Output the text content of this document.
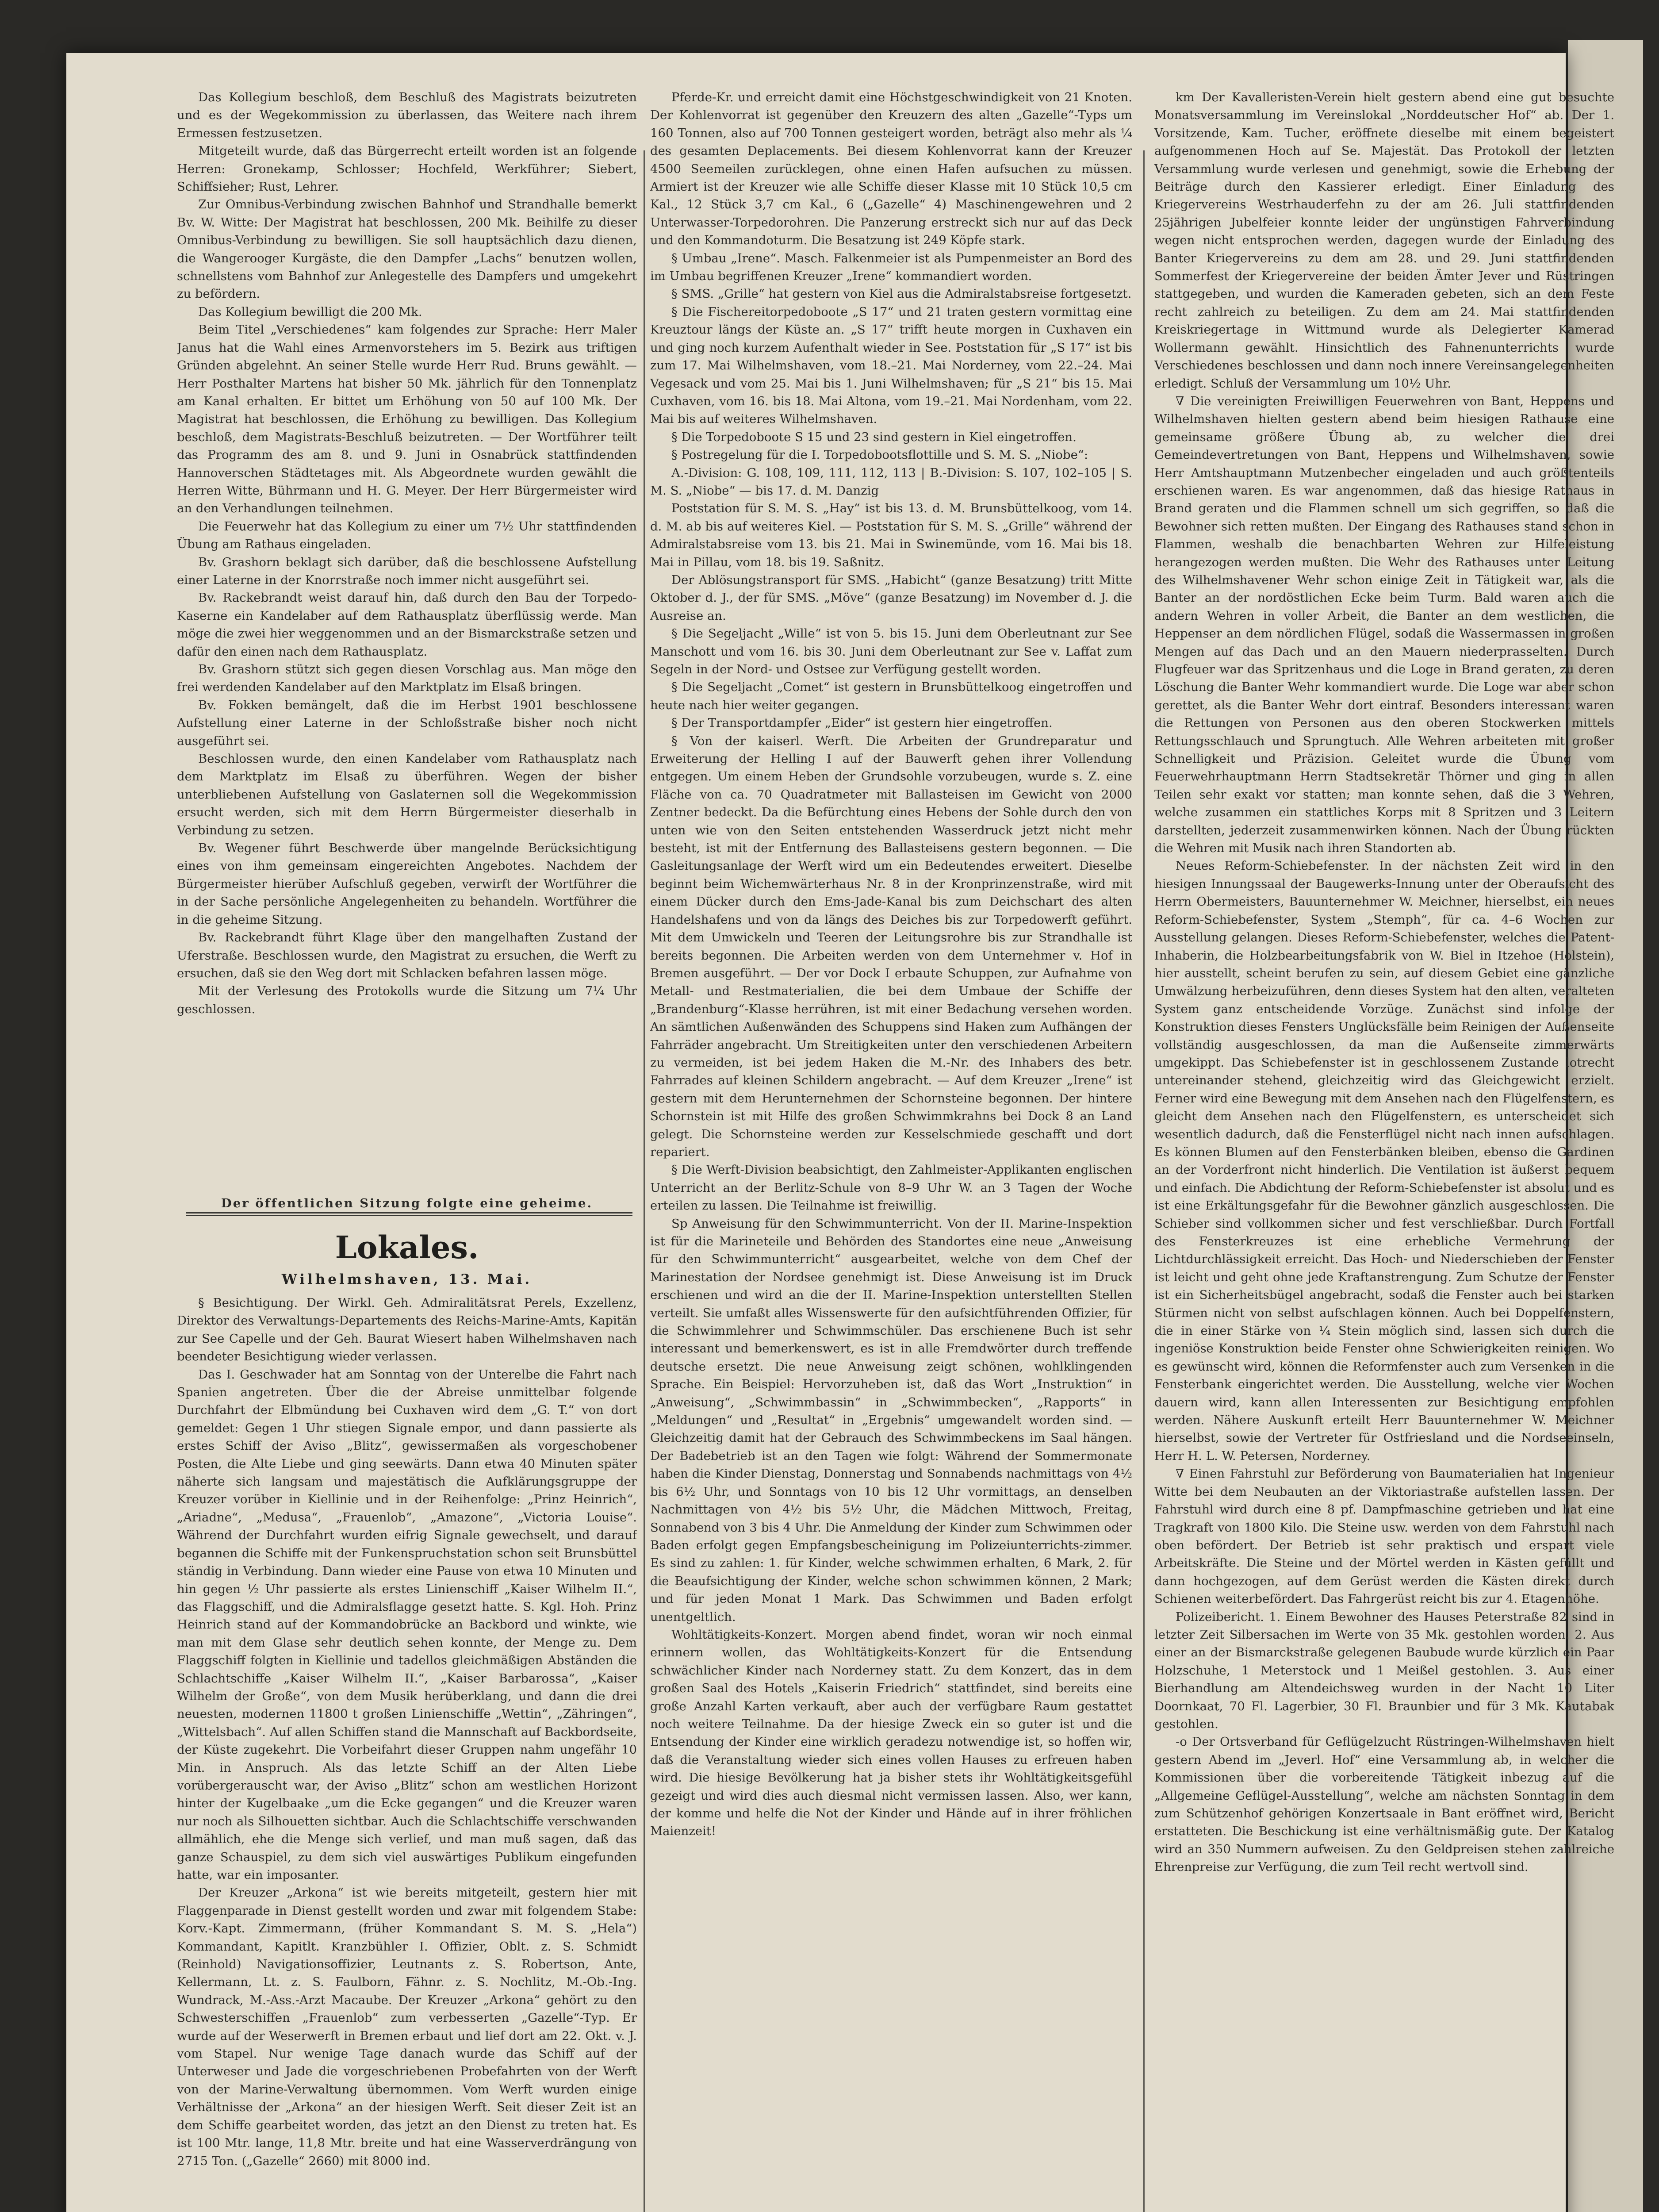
Das Kollegium beschloß, dem Beschluß des Magistrats beizutreten und es der Wegekommission zu überlassen, das Weitere nach ihrem Ermessen festzusetzen.

Mitgeteilt wurde, daß das Bürgerrecht erteilt worden ist an folgende Herren: Gronekamp, Schlosser; Hochfeld, Werkführer; Siebert, Schiffsieher; Rust, Lehrer.

Zur Omnibus-Verbindung zwischen Bahnhof und Strandhalle bemerkt Bv. W. Witte: Der Magistrat hat beschlossen, 200 Mk. Beihilfe zu dieser Omnibus-Verbindung zu bewilligen. Sie soll hauptsächlich dazu dienen, die Wangerooger Kurgäste, die den Dampfer „Lachs“ benutzen wollen, schnellstens vom Bahnhof zur Anlegestelle des Dampfers und umgekehrt zu befördern.

Das Kollegium bewilligt die 200 Mk.

Beim Titel „Verschiedenes“ kam folgendes zur Sprache: Herr Maler Janus hat die Wahl eines Armenvorstehers im 5. Bezirk aus triftigen Gründen abgelehnt. An seiner Stelle wurde Herr Rud. Bruns gewählt. — Herr Posthalter Martens hat bisher 50 Mk. jährlich für den Tonnenplatz am Kanal erhalten. Er bittet um Erhöhung von 50 auf 100 Mk. Der Magistrat hat beschlossen, die Erhöhung zu bewilligen. Das Kollegium beschloß, dem Magistrats-Beschluß beizutreten. — Der Wortführer teilt das Programm des am 8. und 9. Juni in Osnabrück stattfindenden Hannoverschen Städtetages mit. Als Abgeordnete wurden gewählt die Herren Witte, Bührmann und H. G. Meyer. Der Herr Bürgermeister wird an den Verhandlungen teilnehmen.

Die Feuerwehr hat das Kollegium zu einer um 7½ Uhr stattfindenden Übung am Rathaus eingeladen.

Bv. Grashorn beklagt sich darüber, daß die beschlossene Aufstellung einer Laterne in der Knorrstraße noch immer nicht ausgeführt sei.

Bv. Rackebrandt weist darauf hin, daß durch den Bau der Torpedo-Kaserne ein Kandelaber auf dem Rathausplatz überflüssig werde. Man möge die zwei hier weggenommen und an der Bismarckstraße setzen und dafür den einen nach dem Rathausplatz.

Bv. Grashorn stützt sich gegen diesen Vorschlag aus. Man möge den frei werdenden Kandelaber auf den Marktplatz im Elsaß bringen.

Bv. Fokken bemängelt, daß die im Herbst 1901 beschlossene Aufstellung einer Laterne in der Schloßstraße bisher noch nicht ausgeführt sei.

Beschlossen wurde, den einen Kandelaber vom Rathausplatz nach dem Marktplatz im Elsaß zu überführen. Wegen der bisher unterbliebenen Aufstellung von Gaslaternen soll die Wegekommission ersucht werden, sich mit dem Herrn Bürgermeister dieserhalb in Verbindung zu setzen.

Bv. Wegener führt Beschwerde über mangelnde Berücksichtigung eines von ihm gemeinsam eingereichten Angebotes. Nachdem der Bürgermeister hierüber Aufschluß gegeben, verwirft der Wortführer die in der Sache persönliche Angelegenheiten zu behandeln. Wortführer die in die geheime Sitzung.

Bv. Rackebrandt führt Klage über den mangelhaften Zustand der Uferstraße. Beschlossen wurde, den Magistrat zu ersuchen, die Werft zu ersuchen, daß sie den Weg dort mit Schlacken befahren lassen möge.

Mit der Verlesung des Protokolls wurde die Sitzung um 7¼ Uhr geschlossen.

Der öffentlichen Sitzung folgte eine geheime.
Lokales.
Wilhelmshaven, 13. Mai.

§ Besichtigung. Der Wirkl. Geh. Admiralitätsrat Perels, Exzellenz, Direktor des Verwaltungs-Departements des Reichs-Marine-Amts, Kapitän zur See Capelle und der Geh. Baurat Wiesert haben Wilhelmshaven nach beendeter Besichtigung wieder verlassen.

Das I. Geschwader hat am Sonntag von der Unterelbe die Fahrt nach Spanien angetreten. Über die der Abreise unmittelbar folgende Durchfahrt der Elbmündung bei Cuxhaven wird dem „G. T.“ von dort gemeldet: Gegen 1 Uhr stiegen Signale empor, und dann passierte als erstes Schiff der Aviso „Blitz“, gewissermaßen als vorgeschobener Posten, die Alte Liebe und ging seewärts. Dann etwa 40 Minuten später näherte sich langsam und majestätisch die Aufklärungsgruppe der Kreuzer vorüber in Kiellinie und in der Reihenfolge: „Prinz Heinrich“, „Ariadne“, „Medusa“, „Frauenlob“, „Amazone“, „Victoria Louise“. Während der Durchfahrt wurden eifrig Signale gewechselt, und darauf begannen die Schiffe mit der Funkenspruchstation schon seit Brunsbüttel ständig in Verbindung. Dann wieder eine Pause von etwa 10 Minuten und hin gegen ½ Uhr passierte als erstes Linienschiff „Kaiser Wilhelm II.“, das Flaggschiff, und die Admiralsflagge gesetzt hatte. S. Kgl. Hoh. Prinz Heinrich stand auf der Kommandobrücke an Backbord und winkte, wie man mit dem Glase sehr deutlich sehen konnte, der Menge zu. Dem Flaggschiff folgten in Kiellinie und tadellos gleichmäßigen Abständen die Schlachtschiffe „Kaiser Wilhelm II.“, „Kaiser Barbarossa“, „Kaiser Wilhelm der Große“, von dem Musik herüberklang, und dann die drei neuesten, modernen 11800 t großen Linienschiffe „Wettin“, „Zähringen“, „Wittelsbach“. Auf allen Schiffen stand die Mannschaft auf Backbordseite, der Küste zugekehrt. Die Vorbeifahrt dieser Gruppen nahm ungefähr 10 Min. in Anspruch. Als das letzte Schiff an der Alten Liebe vorübergerauscht war, der Aviso „Blitz“ schon am westlichen Horizont hinter der Kugelbaake „um die Ecke gegangen“ und die Kreuzer waren nur noch als Silhouetten sichtbar. Auch die Schlachtschiffe verschwanden allmählich, ehe die Menge sich verlief, und man muß sagen, daß das ganze Schauspiel, zu dem sich viel auswärtiges Publikum eingefunden hatte, war ein imposanter.

Der Kreuzer „Arkona“ ist wie bereits mitgeteilt, gestern hier mit Flaggenparade in Dienst gestellt worden und zwar mit folgendem Stabe: Korv.-Kapt. Zimmermann, (früher Kommandant S. M. S. „Hela“) Kommandant, Kapitlt. Kranzbühler I. Offizier, Oblt. z. S. Schmidt (Reinhold) Navigationsoffizier, Leutnants z. S. Robertson, Ante, Kellermann, Lt. z. S. Faulborn, Fähnr. z. S. Nochlitz, M.-Ob.-Ing. Wundrack, M.-Ass.-Arzt Macaube. Der Kreuzer „Arkona“ gehört zu den Schwesterschiffen „Frauenlob“ zum verbesserten „Gazelle“-Typ. Er wurde auf der Weserwerft in Bremen erbaut und lief dort am 22. Okt. v. J. vom Stapel. Nur wenige Tage danach wurde das Schiff auf der Unterweser und Jade die vorgeschriebenen Probefahrten von der Werft von der Marine-Verwaltung übernommen. Vom Werft wurden einige Verhältnisse der „Arkona“ an der hiesigen Werft. Seit dieser Zeit ist an dem Schiffe gearbeitet worden, das jetzt an den Dienst zu treten hat. Es ist 100 Mtr. lange, 11,8 Mtr. breite und hat eine Wasserverdrängung von 2715 Ton. („Gazelle“ 2660) mit 8000 ind.

Pferde-Kr. und erreicht damit eine Höchstgeschwindigkeit von 21 Knoten. Der Kohlenvorrat ist gegenüber den Kreuzern des alten „Gazelle“-Typs um 160 Tonnen, also auf 700 Tonnen gesteigert worden, beträgt also mehr als ¼ des gesamten Deplacements. Bei diesem Kohlenvorrat kann der Kreuzer 4500 Seemeilen zurücklegen, ohne einen Hafen aufsuchen zu müssen. Armiert ist der Kreuzer wie alle Schiffe dieser Klasse mit 10 Stück 10,5 cm Kal., 12 Stück 3,7 cm Kal., 6 („Gazelle“ 4) Maschinengewehren und 2 Unterwasser-Torpedorohren. Die Panzerung erstreckt sich nur auf das Deck und den Kommandoturm. Die Besatzung ist 249 Köpfe stark.

§ Umbau „Irene“. Masch. Falkenmeier ist als Pumpenmeister an Bord des im Umbau begriffenen Kreuzer „Irene“ kommandiert worden.

§ SMS. „Grille“ hat gestern von Kiel aus die Admiralstabsreise fortgesetzt.

§ Die Fischereitorpedoboote „S 17“ und 21 traten gestern vormittag eine Kreuztour längs der Küste an. „S 17“ trifft heute morgen in Cuxhaven ein und ging noch kurzem Aufenthalt wieder in See. Poststation für „S 17“ ist bis zum 17. Mai Wilhelmshaven, vom 18.–21. Mai Norderney, vom 22.–24. Mai Vegesack und vom 25. Mai bis 1. Juni Wilhelmshaven; für „S 21“ bis 15. Mai Cuxhaven, vom 16. bis 18. Mai Altona, vom 19.–21. Mai Nordenham, vom 22. Mai bis auf weiteres Wilhelmshaven.

§ Die Torpedoboote S 15 und 23 sind gestern in Kiel eingetroffen.

§ Postregelung für die I. Torpedobootsflottille und S. M. S. „Niobe“:

A.-Division: G. 108, 109, 111, 112, 113 | B.-Division: S. 107, 102–105 | S. M. S. „Niobe“ — bis 17. d. M. Danzig

Poststation für S. M. S. „Hay“ ist bis 13. d. M. Brunsbüttelkoog, vom 14. d. M. ab bis auf weiteres Kiel. — Poststation für S. M. S. „Grille“ während der Admiralstabsreise vom 13. bis 21. Mai in Swinemünde, vom 16. Mai bis 18. Mai in Pillau, vom 18. bis 19. Saßnitz.

Der Ablösungstransport für SMS. „Habicht“ (ganze Besatzung) tritt Mitte Oktober d. J., der für SMS. „Möve“ (ganze Besatzung) im November d. J. die Ausreise an.

§ Die Segeljacht „Wille“ ist von 5. bis 15. Juni dem Oberleutnant zur See Manschott und vom 16. bis 30. Juni dem Oberleutnant zur See v. Laffat zum Segeln in der Nord- und Ostsee zur Verfügung gestellt worden.

§ Die Segeljacht „Comet“ ist gestern in Brunsbüttelkoog eingetroffen und heute nach hier weiter gegangen.

§ Der Transportdampfer „Eider“ ist gestern hier eingetroffen.

§ Von der kaiserl. Werft. Die Arbeiten der Grundreparatur und Erweiterung der Helling I auf der Bauwerft gehen ihrer Vollendung entgegen. Um einem Heben der Grundsohle vorzubeugen, wurde s. Z. eine Fläche von ca. 70 Quadratmeter mit Ballasteisen im Gewicht von 2000 Zentner bedeckt. Da die Befürchtung eines Hebens der Sohle durch den von unten wie von den Seiten entstehenden Wasserdruck jetzt nicht mehr besteht, ist mit der Entfernung des Ballasteisens gestern begonnen. — Die Gasleitungsanlage der Werft wird um ein Bedeutendes erweitert. Dieselbe beginnt beim Wichemwärterhaus Nr. 8 in der Kronprinzenstraße, wird mit einem Dücker durch den Ems-Jade-Kanal bis zum Deichschart des alten Handelshafens und von da längs des Deiches bis zur Torpedowerft geführt. Mit dem Umwickeln und Teeren der Leitungsrohre bis zur Strandhalle ist bereits begonnen. Die Arbeiten werden von dem Unternehmer v. Hof in Bremen ausgeführt. — Der vor Dock I erbaute Schuppen, zur Aufnahme von Metall- und Restmaterialien, die bei dem Umbaue der Schiffe der „Brandenburg“-Klasse herrühren, ist mit einer Bedachung versehen worden. An sämtlichen Außenwänden des Schuppens sind Haken zum Aufhängen der Fahrräder angebracht. Um Streitigkeiten unter den verschiedenen Arbeitern zu vermeiden, ist bei jedem Haken die M.-Nr. des Inhabers des betr. Fahrrades auf kleinen Schildern angebracht. — Auf dem Kreuzer „Irene“ ist gestern mit dem Herunternehmen der Schornsteine begonnen. Der hintere Schornstein ist mit Hilfe des großen Schwimmkrahns bei Dock 8 an Land gelegt. Die Schornsteine werden zur Kesselschmiede geschafft und dort repariert.

§ Die Werft-Division beabsichtigt, den Zahlmeister-Applikanten englischen Unterricht an der Berlitz-Schule von 8–9 Uhr W. an 3 Tagen der Woche erteilen zu lassen. Die Teilnahme ist freiwillig.

Sp Anweisung für den Schwimmunterricht. Von der II. Marine-Inspektion ist für die Marineteile und Behörden des Standortes eine neue „Anweisung für den Schwimmunterricht“ ausgearbeitet, welche von dem Chef der Marinestation der Nordsee genehmigt ist. Diese Anweisung ist im Druck erschienen und wird an die der II. Marine-Inspektion unterstellten Stellen verteilt. Sie umfaßt alles Wissenswerte für den aufsichtführenden Offizier, für die Schwimmlehrer und Schwimmschüler. Das erschienene Buch ist sehr interessant und bemerkenswert, es ist in alle Fremdwörter durch treffende deutsche ersetzt. Die neue Anweisung zeigt schönen, wohlklingenden Sprache. Ein Beispiel: Hervorzuheben ist, daß das Wort „Instruktion“ in „Anweisung“, „Schwimmbassin“ in „Schwimmbecken“, „Rapports“ in „Meldungen“ und „Resultat“ in „Ergebnis“ umgewandelt worden sind. — Gleichzeitig damit hat der Gebrauch des Schwimmbeckens im Saal hängen. Der Badebetrieb ist an den Tagen wie folgt: Während der Sommermonate haben die Kinder Dienstag, Donnerstag und Sonnabends nachmittags von 4½ bis 6½ Uhr, und Sonntags von 10 bis 12 Uhr vormittags, an denselben Nachmittagen von 4½ bis 5½ Uhr, die Mädchen Mittwoch, Freitag, Sonnabend von 3 bis 4 Uhr. Die Anmeldung der Kinder zum Schwimmen oder Baden erfolgt gegen Empfangsbescheinigung im Polizeiunterrichts-zimmer. Es sind zu zahlen: 1. für Kinder, welche schwimmen erhalten, 6 Mark, 2. für die Beaufsichtigung der Kinder, welche schon schwimmen können, 2 Mark; und für jeden Monat 1 Mark. Das Schwimmen und Baden erfolgt unentgeltlich.

Wohltätigkeits-Konzert. Morgen abend findet, woran wir noch einmal erinnern wollen, das Wohltätigkeits-Konzert für die Entsendung schwächlicher Kinder nach Norderney statt. Zu dem Konzert, das in dem großen Saal des Hotels „Kaiserin Friedrich“ stattfindet, sind bereits eine große Anzahl Karten verkauft, aber auch der verfügbare Raum gestattet noch weitere Teilnahme. Da der hiesige Zweck ein so guter ist und die Entsendung der Kinder eine wirklich geradezu notwendige ist, so hoffen wir, daß die Veranstaltung wieder sich eines vollen Hauses zu erfreuen haben wird. Die hiesige Bevölkerung hat ja bisher stets ihr Wohltätigkeitsgefühl gezeigt und wird dies auch diesmal nicht vermissen lassen. Also, wer kann, der komme und helfe die Not der Kinder und Hände auf in ihrer fröhlichen Maienzeit!

km Der Kavalleristen-Verein hielt gestern abend eine gut besuchte Monatsversammlung im Vereinslokal „Norddeutscher Hof“ ab. Der 1. Vorsitzende, Kam. Tucher, eröffnete dieselbe mit einem begeistert aufgenommenen Hoch auf Se. Majestät. Das Protokoll der letzten Versammlung wurde verlesen und genehmigt, sowie die Erhebung der Beiträge durch den Kassierer erledigt. Einer Einladung des Kriegervereins Westrhauderfehn zu der am 26. Juli stattfindenden 25jährigen Jubelfeier konnte leider der ungünstigen Fahrverbindung wegen nicht entsprochen werden, dagegen wurde der Einladung des Banter Kriegervereins zu dem am 28. und 29. Juni stattfindenden Sommerfest der Kriegervereine der beiden Ämter Jever und Rüstringen stattgegeben, und wurden die Kameraden gebeten, sich an dem Feste recht zahlreich zu beteiligen. Zu dem am 24. Mai stattfindenden Kreiskriegertage in Wittmund wurde als Delegierter Kamerad Wollermann gewählt. Hinsichtlich des Fahnenunterrichts wurde Verschiedenes beschlossen und dann noch innere Vereinsangelegenheiten erledigt. Schluß der Versammlung um 10½ Uhr.

∇ Die vereinigten Freiwilligen Feuerwehren von Bant, Heppens und Wilhelmshaven hielten gestern abend beim hiesigen Rathause eine gemeinsame größere Übung ab, zu welcher die drei Gemeindevertretungen von Bant, Heppens und Wilhelmshaven, sowie Herr Amtshauptmann Mutzenbecher eingeladen und auch größtenteils erschienen waren. Es war angenommen, daß das hiesige Rathaus in Brand geraten und die Flammen schnell um sich gegriffen, so daß die Bewohner sich retten mußten. Der Eingang des Rathauses stand schon in Flammen, weshalb die benachbarten Wehren zur Hilfeleistung herangezogen werden mußten. Die Wehr des Rathauses unter Leitung des Wilhelmshavener Wehr schon einige Zeit in Tätigkeit war, als die Banter an der nordöstlichen Ecke beim Turm. Bald waren auch die andern Wehren in voller Arbeit, die Banter an dem westlichen, die Heppenser an dem nördlichen Flügel, sodaß die Wassermassen in großen Mengen auf das Dach und an den Mauern niederprasselten. Durch Flugfeuer war das Spritzenhaus und die Loge in Brand geraten, zu deren Löschung die Banter Wehr kommandiert wurde. Die Loge war aber schon gerettet, als die Banter Wehr dort eintraf. Besonders interessant waren die Rettungen von Personen aus den oberen Stockwerken mittels Rettungsschlauch und Sprungtuch. Alle Wehren arbeiteten mit großer Schnelligkeit und Präzision. Geleitet wurde die Übung vom Feuerwehrhauptmann Herrn Stadtsekretär Thörner und ging in allen Teilen sehr exakt vor statten; man konnte sehen, daß die 3 Wehren, welche zusammen ein stattliches Korps mit 8 Spritzen und 3 Leitern darstellten, jederzeit zusammenwirken können. Nach der Übung rückten die Wehren mit Musik nach ihren Standorten ab.

Neues Reform-Schiebefenster. In der nächsten Zeit wird in den hiesigen Innungssaal der Baugewerks-Innung unter der Oberaufsicht des Herrn Obermeisters, Bauunternehmer W. Meichner, hierselbst, ein neues Reform-Schiebefenster, System „Stemph“, für ca. 4–6 Wochen zur Ausstellung gelangen. Dieses Reform-Schiebefenster, welches die Patent-Inhaberin, die Holzbearbeitungsfabrik von W. Biel in Itzehoe (Holstein), hier ausstellt, scheint berufen zu sein, auf diesem Gebiet eine gänzliche Umwälzung herbeizuführen, denn dieses System hat den alten, veralteten System ganz entscheidende Vorzüge. Zunächst sind infolge der Konstruktion dieses Fensters Unglücksfälle beim Reinigen der Außenseite vollständig ausgeschlossen, da man die Außenseite zimmerwärts umgekippt. Das Schiebefenster ist in geschlossenem Zustande lotrecht untereinander stehend, gleichzeitig wird das Gleichgewicht erzielt. Ferner wird eine Bewegung mit dem Ansehen nach den Flügelfenstern, es gleicht dem Ansehen nach den Flügelfenstern, es unterscheidet sich wesentlich dadurch, daß die Fensterflügel nicht nach innen aufschlagen. Es können Blumen auf den Fensterbänken bleiben, ebenso die Gardinen an der Vorderfront nicht hinderlich. Die Ventilation ist äußerst bequem und einfach. Die Abdichtung der Reform-Schiebefenster ist absolut und es ist eine Erkältungsgefahr für die Bewohner gänzlich ausgeschlossen. Die Schieber sind vollkommen sicher und fest verschließbar. Durch Fortfall des Fensterkreuzes ist eine erhebliche Vermehrung der Lichtdurchlässigkeit erreicht. Das Hoch- und Niederschieben der Fenster ist leicht und geht ohne jede Kraftanstrengung. Zum Schutze der Fenster ist ein Sicherheitsbügel angebracht, sodaß die Fenster auch bei starken Stürmen nicht von selbst aufschlagen können. Auch bei Doppelfenstern, die in einer Stärke von ¼ Stein möglich sind, lassen sich durch die ingeniöse Konstruktion beide Fenster ohne Schwierigkeiten reinigen. Wo es gewünscht wird, können die Reformfenster auch zum Versenken in die Fensterbank eingerichtet werden. Die Ausstellung, welche vier Wochen dauern wird, kann allen Interessenten zur Besichtigung empfohlen werden. Nähere Auskunft erteilt Herr Bauunternehmer W. Meichner hierselbst, sowie der Vertreter für Ostfriesland und die Nordseeinseln, Herr H. L. W. Petersen, Norderney.

∇ Einen Fahrstuhl zur Beförderung von Baumaterialien hat Ingenieur Witte bei dem Neubauten an der Viktoriastraße aufstellen lassen. Der Fahrstuhl wird durch eine 8 pf. Dampfmaschine getrieben und hat eine Tragkraft von 1800 Kilo. Die Steine usw. werden von dem Fahrstuhl nach oben befördert. Der Betrieb ist sehr praktisch und erspart viele Arbeitskräfte. Die Steine und der Mörtel werden in Kästen gefüllt und dann hochgezogen, auf dem Gerüst werden die Kästen direkt durch Schienen weiterbefördert. Das Fahrgerüst reicht bis zur 4. Etagenhöhe.

Polizeibericht. 1. Einem Bewohner des Hauses Peterstraße 82 sind in letzter Zeit Silbersachen im Werte von 35 Mk. gestohlen worden. 2. Aus einer an der Bismarckstraße gelegenen Baubude wurde kürzlich ein Paar Holzschuhe, 1 Meterstock und 1 Meißel gestohlen. 3. Aus einer Bierhandlung am Altendeichsweg wurden in der Nacht 10 Liter Doornkaat, 70 Fl. Lagerbier, 30 Fl. Braunbier und für 3 Mk. Kautabak gestohlen.

-o Der Ortsverband für Geflügelzucht Rüstringen-Wilhelmshaven hielt gestern Abend im „Jeverl. Hof“ eine Versammlung ab, in welcher die Kommissionen über die vorbereitende Tätigkeit inbezug auf die „Allgemeine Geflügel-Ausstellung“, welche am nächsten Sonntag in dem zum Schützenhof gehörigen Konzertsaale in Bant eröffnet wird, Bericht erstatteten. Die Beschickung ist eine verhältnismäßig gute. Der Katalog wird an 350 Nummern aufweisen. Zu den Geldpreisen stehen zahlreiche Ehrenpreise zur Verfügung, die zum Teil recht wertvoll sind.
